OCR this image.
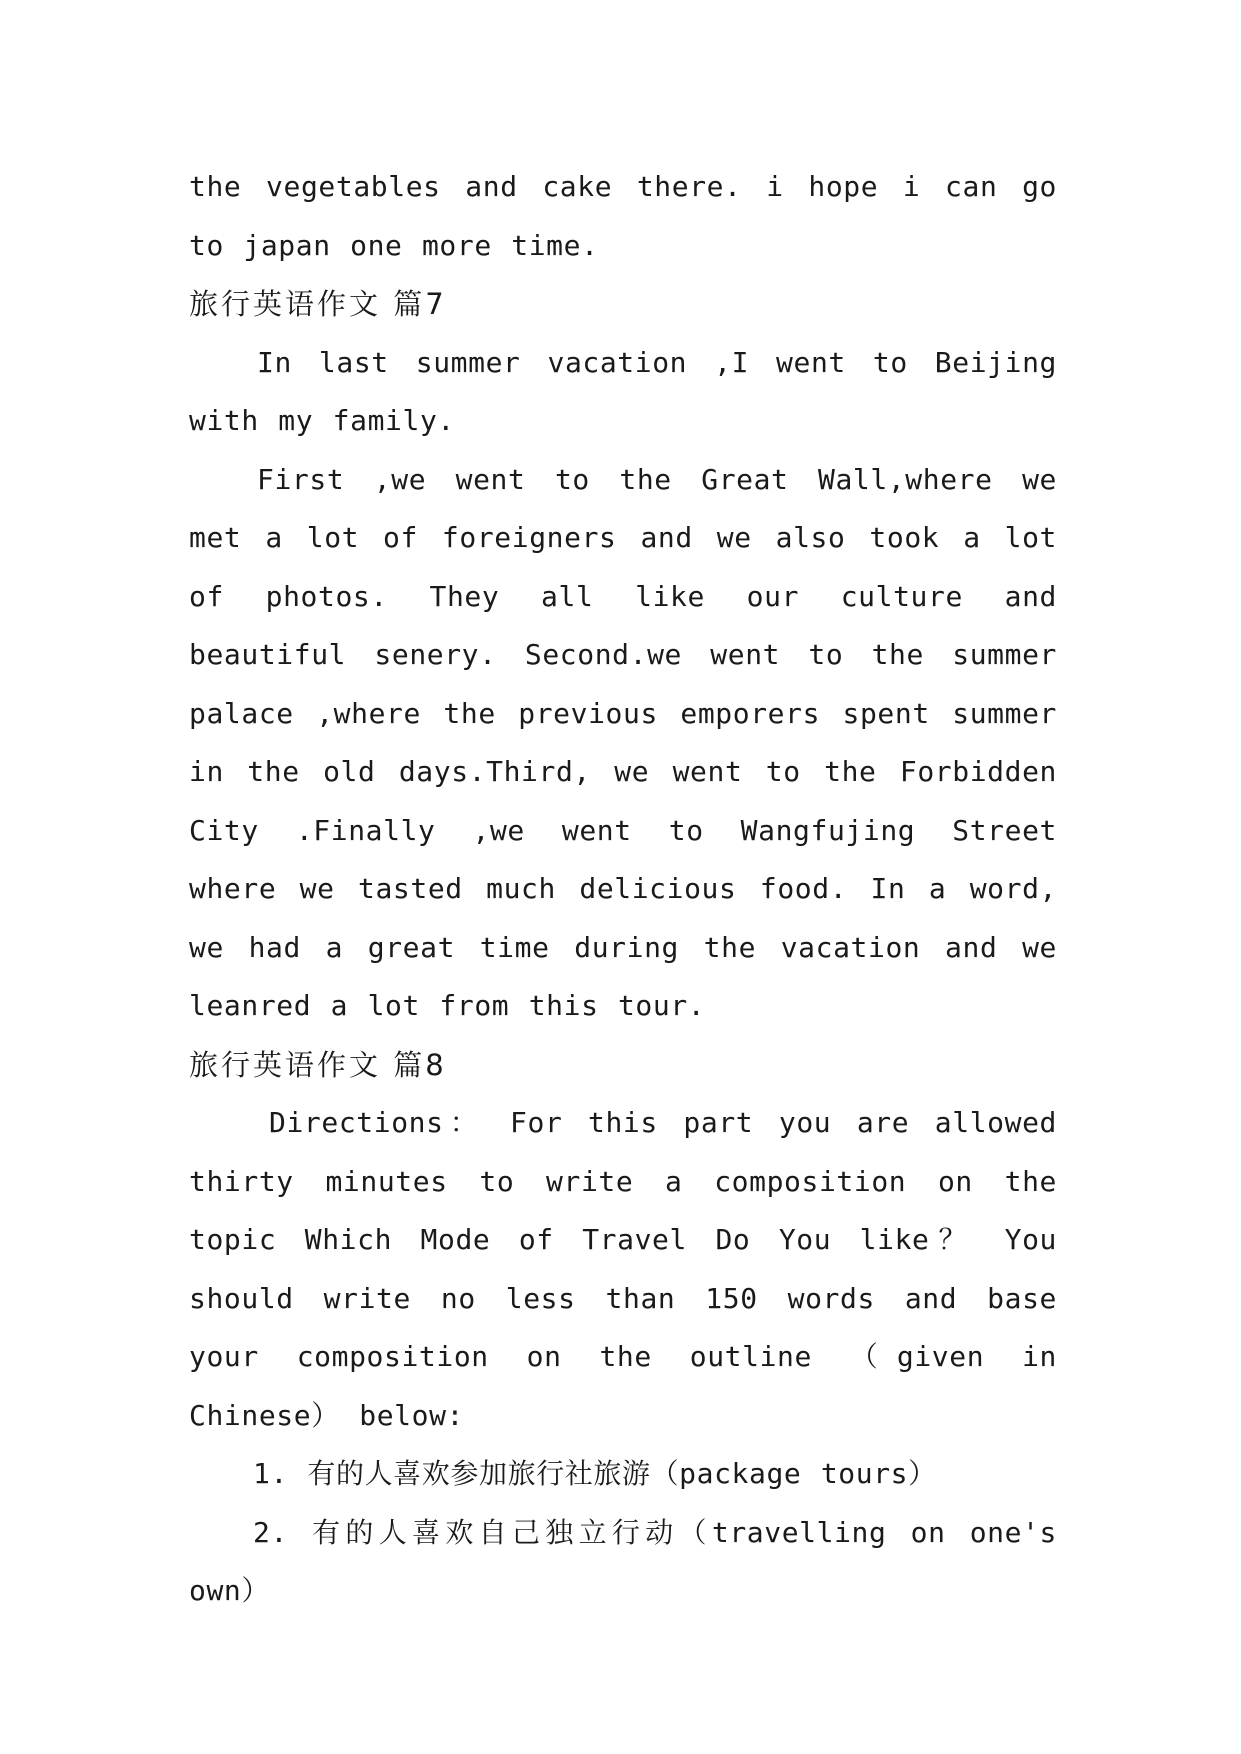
the vegetables and cake there. i hope i can go to japan one more time.

旅行英语作文 篇7

In last summer vacation ,I went to Beijing with my family.

First ,we went to the Great Wall,where we met a lot of foreigners and we also took a lot of photos. They all like our culture and beautiful senery. Second.we went to the summer palace ,where the previous emporers spent summer in the old days.Third, we went to the Forbidden City .Finally ,we went to Wangfujing Street where we tasted much delicious food. In a word, we had a great time during the vacation and we leanred a lot from this tour.

旅行英语作文 篇8

Directions： For this part you are allowed thirty minutes to write a composition on the topic Which Mode of Travel Do You like？ You should write no less than 150 words and base your composition on the outline （given in Chinese） below:

1. 有的人喜欢参加旅行社旅游（package tours）

2. 有的人喜欢自己独立行动（travelling on one's own）
